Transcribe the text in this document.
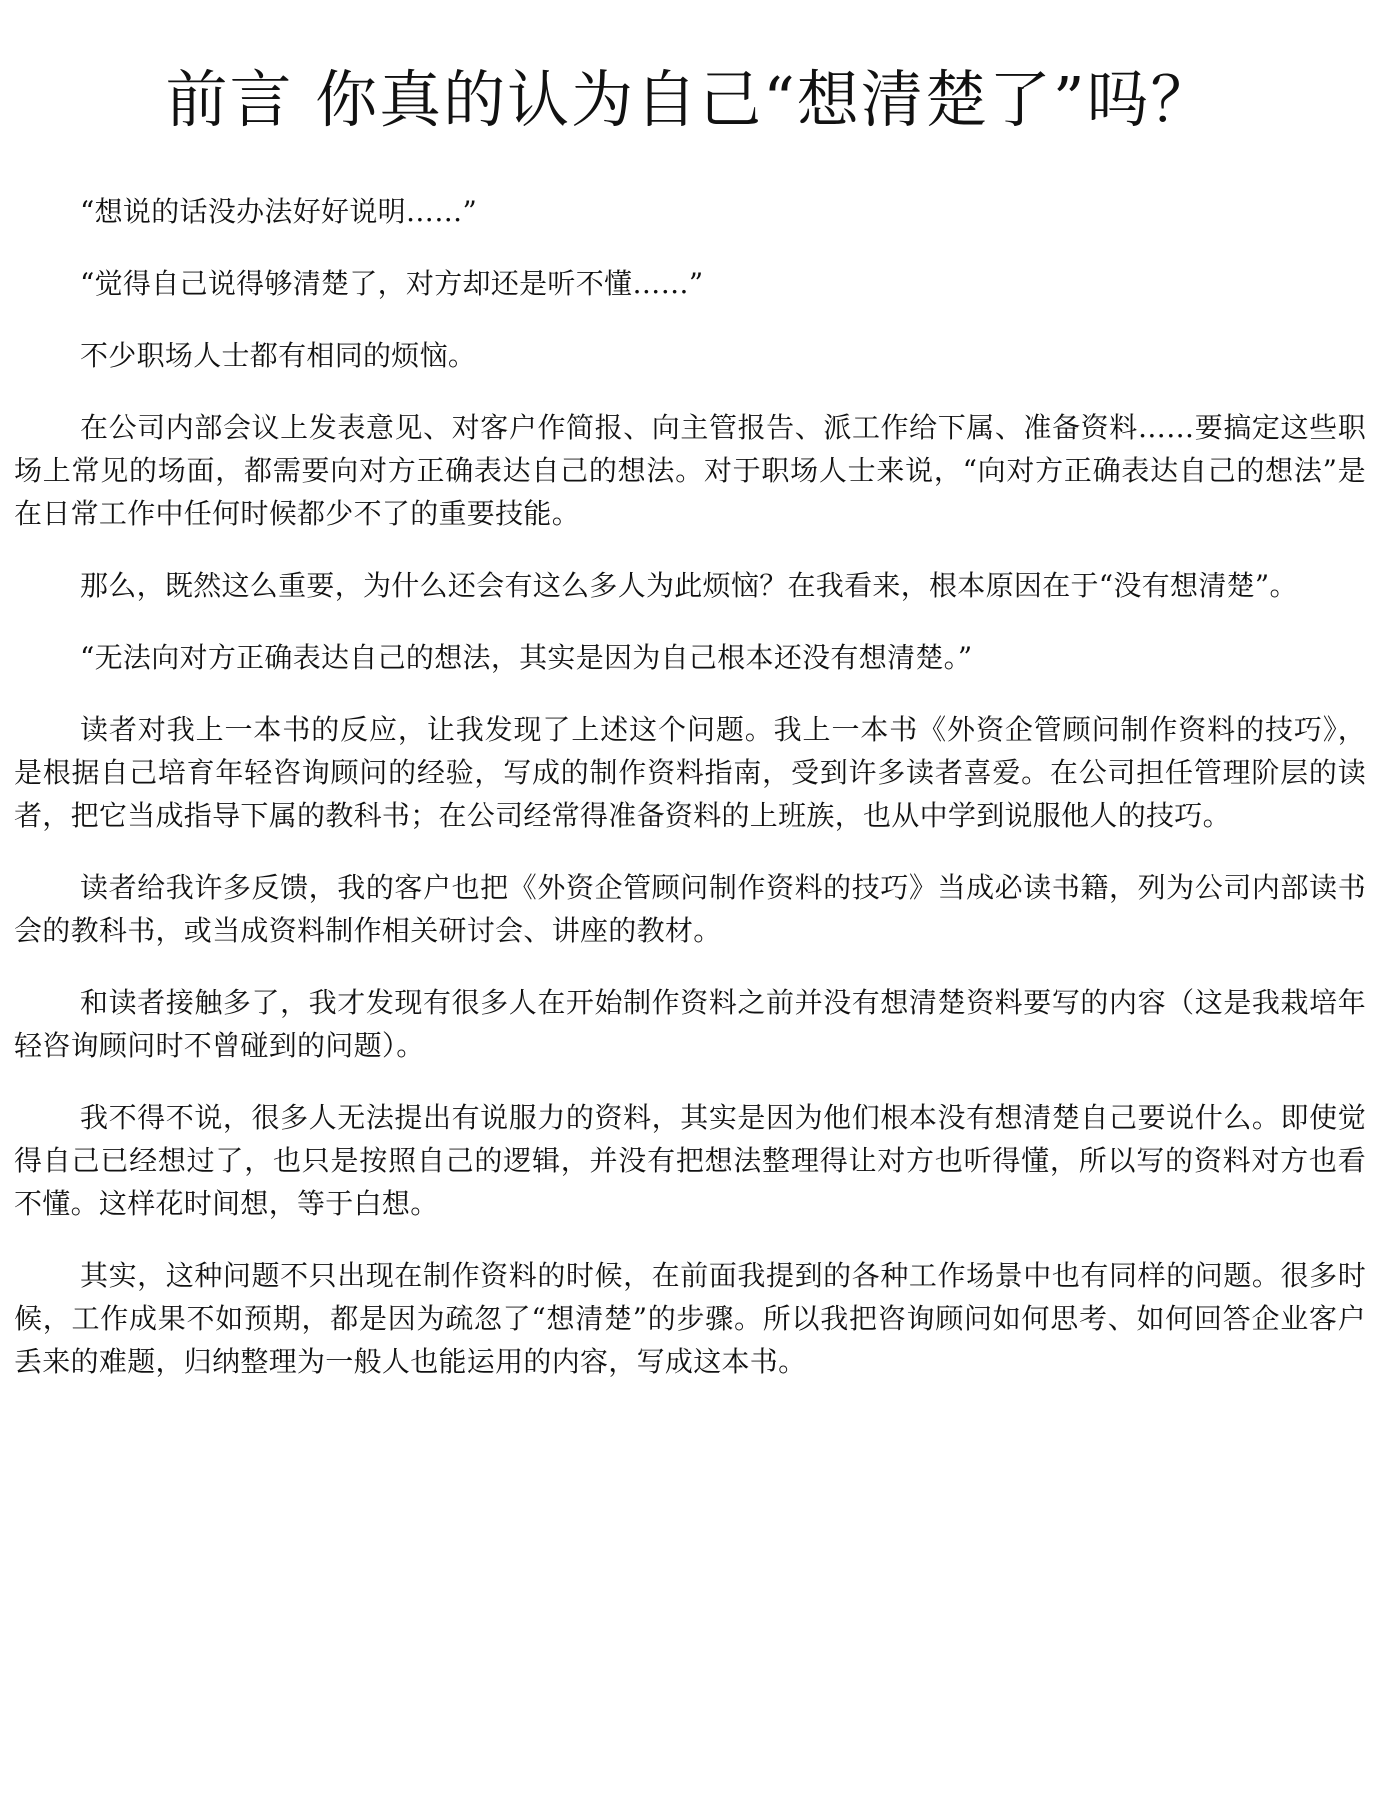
前言 你真的认为自己“想清楚了”吗？

“想说的话没办法好好说明……”

“觉得自己说得够清楚了，对方却还是听不懂……”

不少职场人士都有相同的烦恼。

在公司内部会议上发表意见、对客户作简报、向主管报告、派工作给下属、准备资料……要搞定这些职场上常见的场面，都需要向对方正确表达自己的想法。对于职场人士来说，“向对方正确表达自己的想法”是在日常工作中任何时候都少不了的重要技能。

那么，既然这么重要，为什么还会有这么多人为此烦恼？在我看来，根本原因在于“没有想清楚”。

“无法向对方正确表达自己的想法，其实是因为自己根本还没有想清楚。”

读者对我上一本书的反应，让我发现了上述这个问题。我上一本书《外资企管顾问制作资料的技巧》，是根据自己培育年轻咨询顾问的经验，写成的制作资料指南，受到许多读者喜爱。在公司担任管理阶层的读者，把它当成指导下属的教科书；在公司经常得准备资料的上班族，也从中学到说服他人的技巧。

读者给我许多反馈，我的客户也把《外资企管顾问制作资料的技巧》当成必读书籍，列为公司内部读书会的教科书，或当成资料制作相关研讨会、讲座的教材。

和读者接触多了，我才发现有很多人在开始制作资料之前并没有想清楚资料要写的内容（这是我栽培年轻咨询顾问时不曾碰到的问题）。

我不得不说，很多人无法提出有说服力的资料，其实是因为他们根本没有想清楚自己要说什么。即使觉得自己已经想过了，也只是按照自己的逻辑，并没有把想法整理得让对方也听得懂，所以写的资料对方也看不懂。这样花时间想，等于白想。

其实，这种问题不只出现在制作资料的时候，在前面我提到的各种工作场景中也有同样的问题。很多时候，工作成果不如预期，都是因为疏忽了“想清楚”的步骤。所以我把咨询顾问如何思考、如何回答企业客户丢来的难题，归纳整理为一般人也能运用的内容，写成这本书。
